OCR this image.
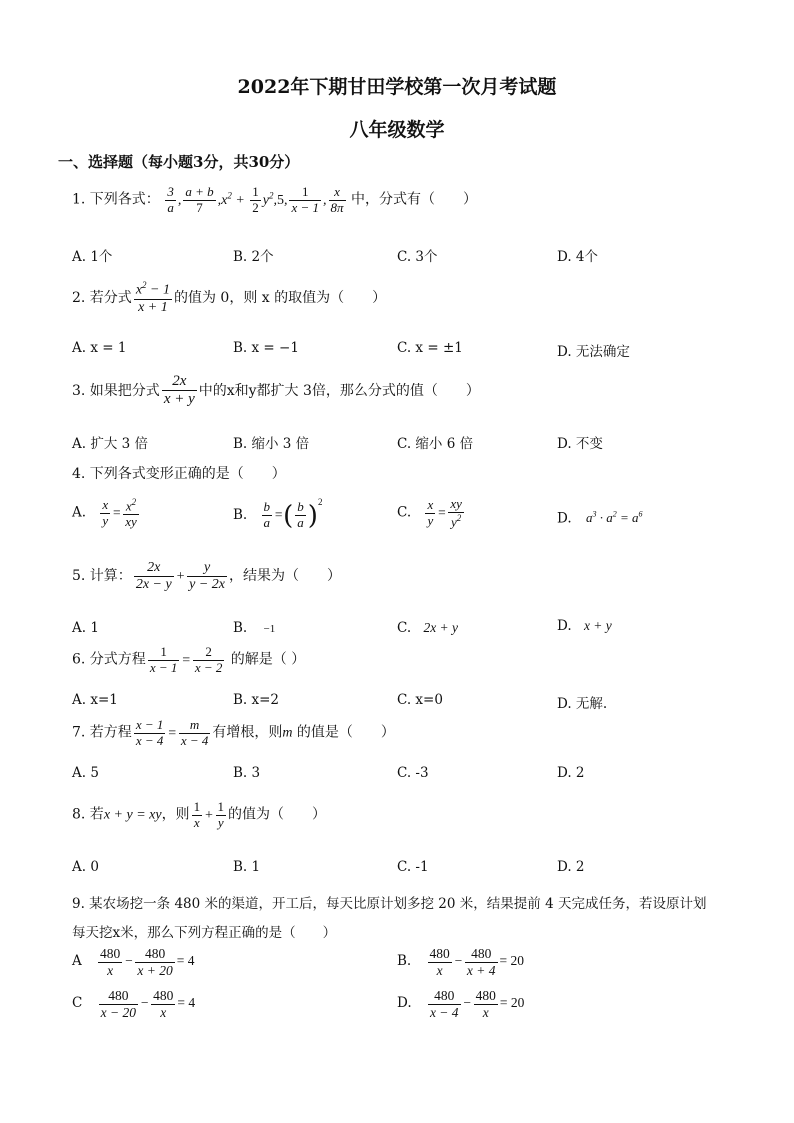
2022年下期甘田学校第一次月考试题
八年级数学
一、选择题（每小题3分，共30分）
1. 下列各式： $\frac{3}{a}$ , $\frac{a + b}{7} ,x^2 + \frac{1}{2} y^2,5$, $\frac{1}{x - 1}$ , $\frac{x}{8\pi}$ 中，分式有（　　）
A. 1个	B. 2个	C. 3个	D. 4个
2. 若分式 $\frac{x^2 - 1}{x + 1}$ 的值为 0，则 x 的取值为（　　）
A. x = 1	B. x = −1	C. x = ±1	D. 无法确定
3. 如果把分式 $\frac{2x}{x + y}$ 中的x和y都扩大 3倍，那么分式的值（　　）
A. 扩大 3 倍	B. 缩小 3 倍	C. 缩小 6 倍	D. 不变
4. 下列各式变形正确的是（　　）
A. $\frac{x}{y} = \frac{x^2}{xy}$	B. $\frac{b}{a}$ =( $\frac{b}{a} )^2$
C. $\frac{x}{y} = \frac{xy}{y^2}$	D. $a^3 \cdot a^2 = a^6$
5. 计算： $\frac{2x}{2x - y} + \frac{y}{y - 2x}$ ，结果为（　　）
A. 1	B. −1	C. 2x + y	D. x + y
6. 分式方程 $\frac{1}{x - 1} = \frac{2}{x - 2}$ 的解是（ ）
A. x=1	B. x=2	C. x=0	D. 无解.
7. 若方程 $\frac{x - 1}{x - 4} = \frac{m}{x - 4}$ 有增根，则m 的值是（　　）
A. 5	B. 3	C. -3	D. 2
8. 若x + y = xy，则 $\frac{1}{x} + \frac{1}{y}$ 的值为（　　）
A. 0	B. 1	C. -1	D. 2
9. 某农场挖一条 480 米的渠道，开工后，每天比原计划多挖 20 米，结果提前 4 天完成任务，若设原计划
每天挖x米，那么下列方程正确的是（　　）
A $\frac{480}{x} - \frac{480}{x + 20} = 4$	B. $\frac{480}{x} - \frac{480}{x + 4} = 20$
C $\frac{480}{x - 20} - \frac{480}{x} = 4$	D. $\frac{480}{x - 4} - \frac{480}{x} = 20$
